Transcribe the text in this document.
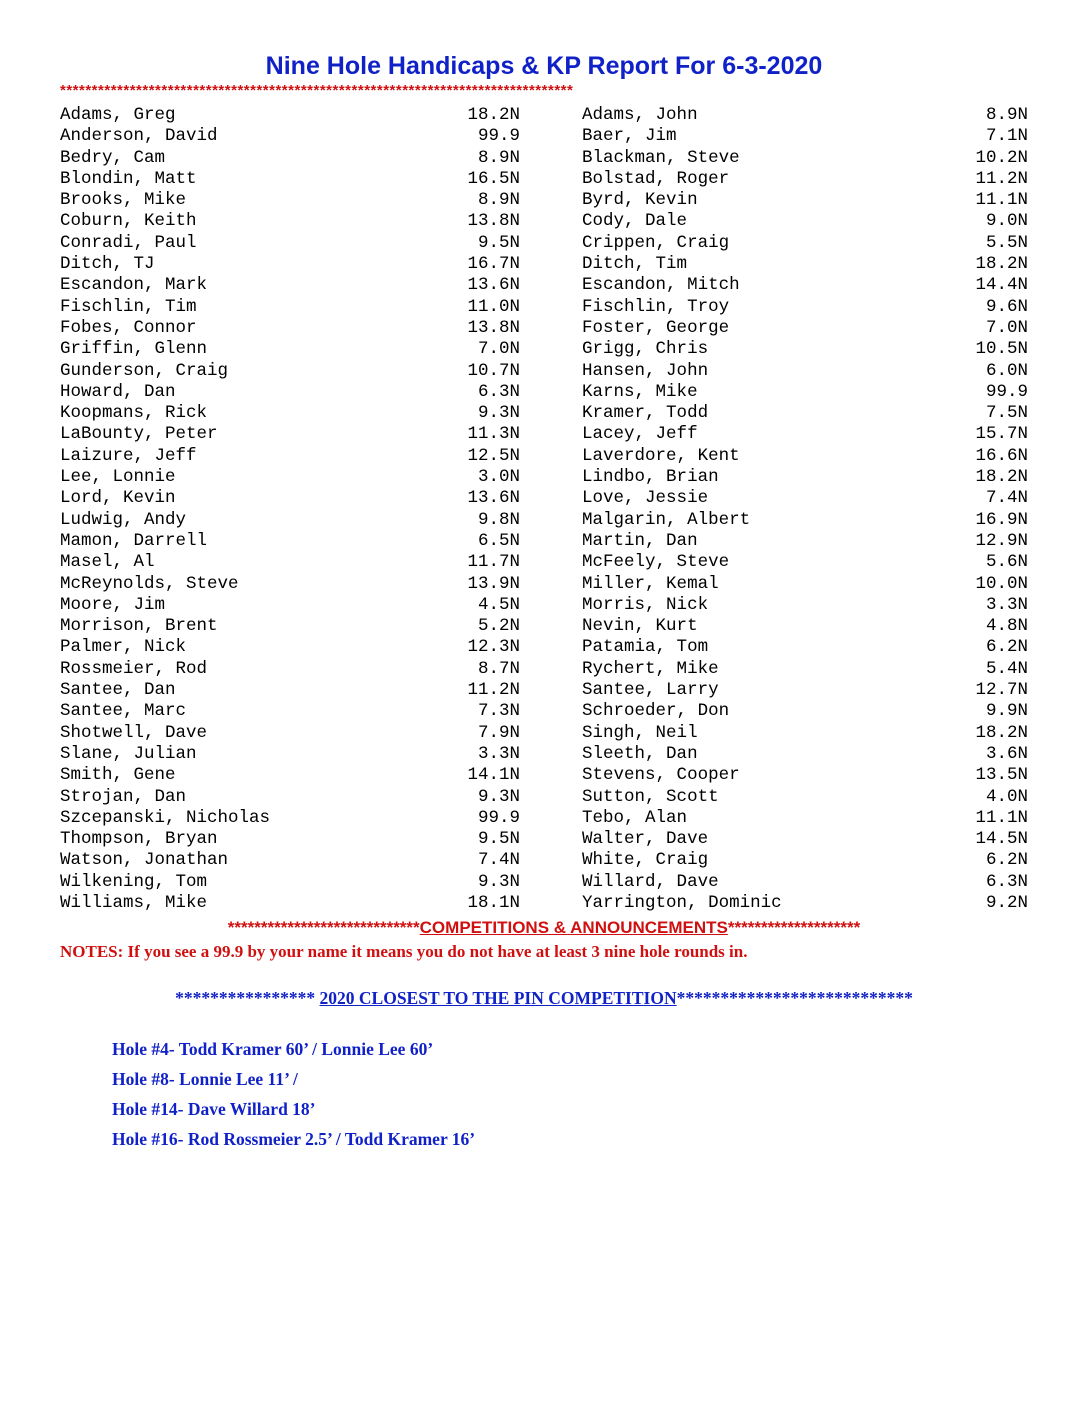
Nine Hole Handicaps & KP Report For 6-3-2020
*********************************************************************************
Adams, Greg	18.2N	Adams, John	8.9N
Anderson, David	99.9	Baer, Jim	7.1N
Bedry, Cam	8.9N	Blackman, Steve	10.2N
Blondin, Matt	16.5N	Bolstad, Roger	11.2N
Brooks, Mike	8.9N	Byrd, Kevin	11.1N
Coburn, Keith	13.8N	Cody, Dale	9.0N
Conradi, Paul	9.5N	Crippen, Craig	5.5N
Ditch, TJ	16.7N	Ditch, Tim	18.2N
Escandon, Mark	13.6N	Escandon, Mitch	14.4N
Fischlin, Tim	11.0N	Fischlin, Troy	9.6N
Fobes, Connor	13.8N	Foster, George	7.0N
Griffin, Glenn	7.0N	Grigg, Chris	10.5N
Gunderson, Craig	10.7N	Hansen, John	6.0N
Howard, Dan	6.3N	Karns, Mike	99.9
Koopmans, Rick	9.3N	Kramer, Todd	7.5N
LaBounty, Peter	11.3N	Lacey, Jeff	15.7N
Laizure, Jeff	12.5N	Laverdore, Kent	16.6N
Lee, Lonnie	3.0N	Lindbo, Brian	18.2N
Lord, Kevin	13.6N	Love, Jessie	7.4N
Ludwig, Andy	9.8N	Malgarin, Albert	16.9N
Mamon, Darrell	6.5N	Martin, Dan	12.9N
Masel, Al	11.7N	McFeely, Steve	5.6N
McReynolds, Steve	13.9N	Miller, Kemal	10.0N
Moore, Jim	4.5N	Morris, Nick	3.3N
Morrison, Brent	5.2N	Nevin, Kurt	4.8N
Palmer, Nick	12.3N	Patamia, Tom	6.2N
Rossmeier, Rod	8.7N	Rychert, Mike	5.4N
Santee, Dan	11.2N	Santee, Larry	12.7N
Santee, Marc	7.3N	Schroeder, Don	9.9N
Shotwell, Dave	7.9N	Singh, Neil	18.2N
Slane, Julian	3.3N	Sleeth, Dan	3.6N
Smith, Gene	14.1N	Stevens, Cooper	13.5N
Strojan, Dan	9.3N	Sutton, Scott	4.0N
Szcepanski, Nicholas	99.9	Tebo, Alan	11.1N
Thompson, Bryan	9.5N	Walter, Dave	14.5N
Watson, Jonathan	7.4N	White, Craig	6.2N
Wilkening, Tom	9.3N	Willard, Dave	6.3N
Williams, Mike	18.1N	Yarrington, Dominic	9.2N
*****************************COMPETITIONS & ANNOUNCEMENTS********************
NOTES: If you see a 99.9 by your name it means you do not have at least 3 nine hole rounds in.
**************** 2020 CLOSEST TO THE PIN COMPETITION***************************
Hole #4- Todd Kramer 60’ / Lonnie Lee 60’
Hole #8- Lonnie Lee 11’ /
Hole #14- Dave Willard 18’
Hole #16- Rod Rossmeier 2.5’ / Todd Kramer 16’
